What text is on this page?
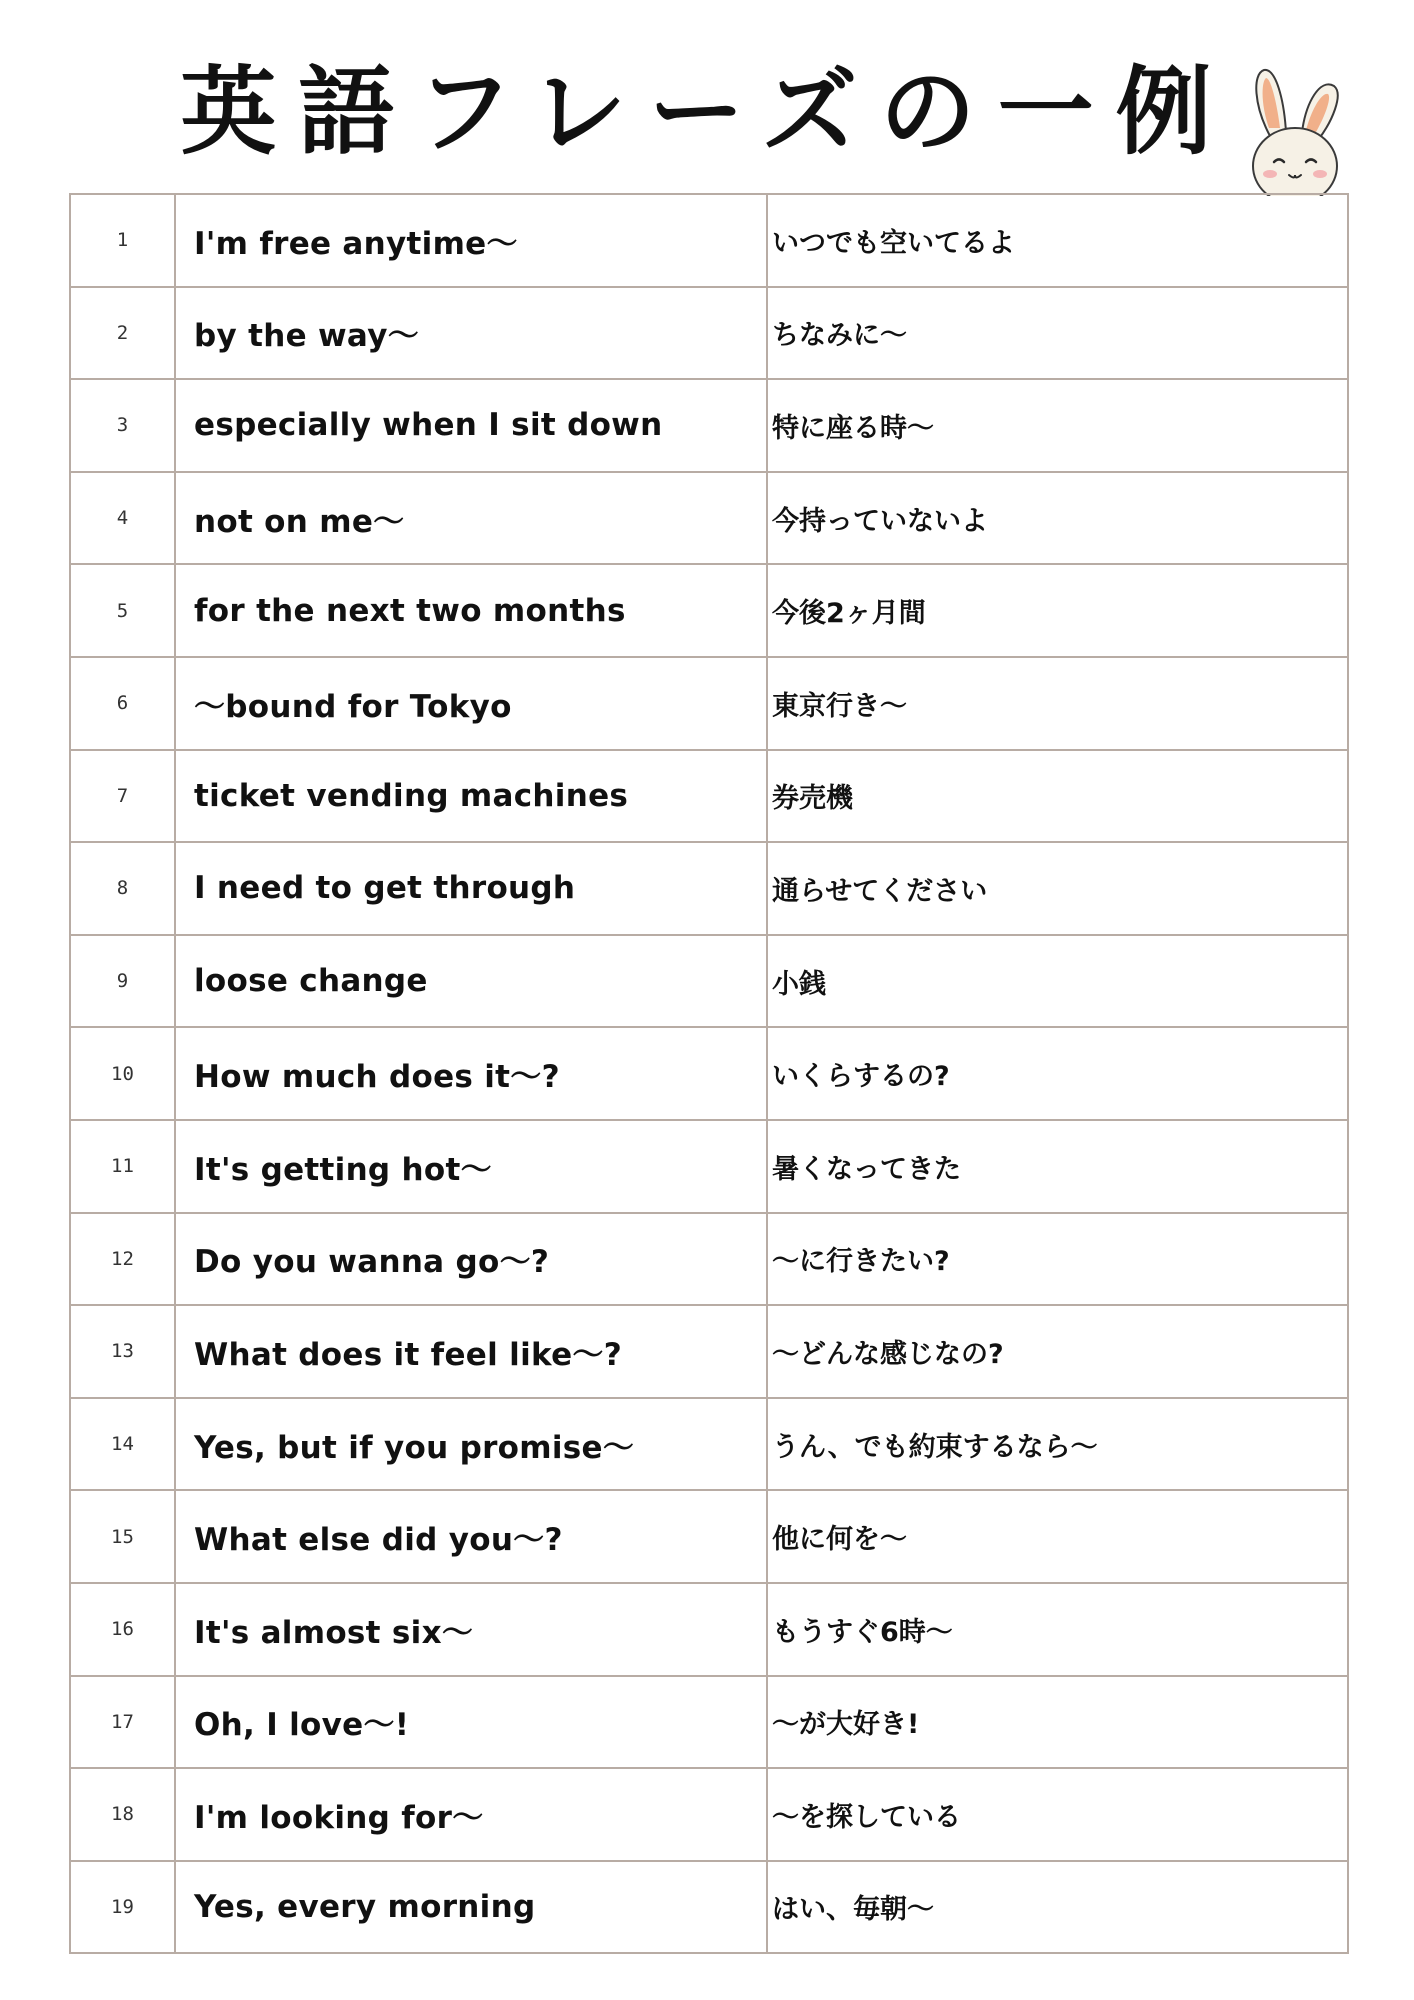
英語フレーズの一例
1	I'm free anytime～	いつでも空いてるよ
2	by the way～	ちなみに～
3	especially when I sit down	特に座る時～
4	not on me～	今持っていないよ
5	for the next two months	今後2ヶ月間
6	～bound for Tokyo	東京行き～
7	ticket vending machines	券売機
8	I need to get through	通らせてください
9	loose change	小銭
10	How much does it～?	いくらするの?
11	It's getting hot～	暑くなってきた
12	Do you wanna go～?	～に行きたい?
13	What does it feel like～?	～どんな感じなの?
14	Yes, but if you promise～	うん、でも約束するなら～
15	What else did you～?	他に何を～
16	It's almost six～	もうすぐ6時～
17	Oh, I love～!	～が大好き!
18	I'm looking for～	～を探している
19	Yes, every morning	はい、毎朝～
